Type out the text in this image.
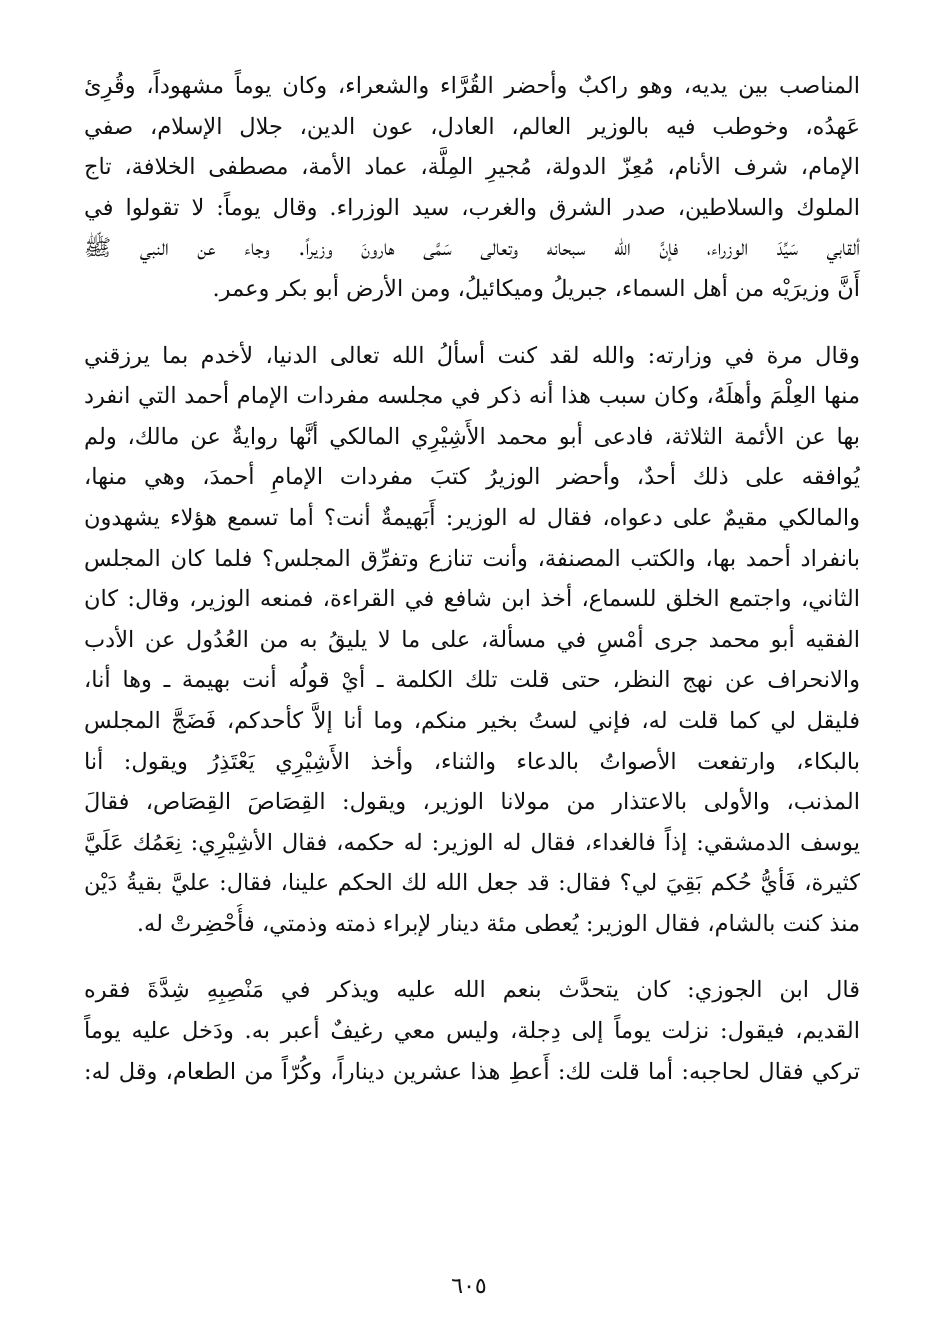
المناصب بين يديه، وهو راكبٌ وأحضر القُرَّاء والشعراء، وكان يوماً مشهوداً، وقُرِئ
عَهدُه، وخوطب فيه بالوزير العالم، العادل، عون الدين، جلال الإسلام، صفي
الإمام، شرف الأنام، مُعِزّ الدولة، مُجيرِ المِلَّة، عماد الأمة، مصطفى الخلافة، تاج
الملوك والسلاطين، صدر الشرق والغرب، سيد الوزراء. وقال يوماً: لا تقولوا في
ألقابي سَيِّدَ الوزراء، فإنَّ الله سبحانه وتعالى سَمَّى هارونَ وزيراً. وجاء عن النبي ﷺ
أَنَّ وزيرَيْه من أهل السماء، جبريلُ وميكائيلُ، ومن الأرض أبو بكر وعمر.
وقال مرة في وزارته: والله لقد كنت أسألُ الله تعالى الدنيا، لأخدم بما يرزقني
منها العِلْمَ وأهلَهُ، وكان سبب هذا أنه ذكر في مجلسه مفردات الإمام أحمد التي انفرد
بها عن الأئمة الثلاثة، فادعى أبو محمد الأَشِيْرِي المالكي أنَّها روايةٌ عن مالك، ولم
يُوافقه على ذلك أحدٌ، وأحضر الوزيرُ كتبَ مفردات الإمامِ أحمدَ، وهي منها،
والمالكي مقيمٌ على دعواه، فقال له الوزير: أَبَهيمةٌ أنت؟ أما تسمع هؤلاء يشهدون
بانفراد أحمد بها، والكتب المصنفة، وأنت تنازع وتفرِّق المجلس؟ فلما كان المجلس
الثاني، واجتمع الخلق للسماع، أخذ ابن شافع في القراءة، فمنعه الوزير، وقال: كان
الفقيه أبو محمد جرى أمْسِ في مسألة، على ما لا يليقُ به من العُدُول عن الأدب
والانحراف عن نهج النظر، حتى قلت تلك الكلمة ـ أيْ قولُه أنت بهيمة ـ وها أنا،
فليقل لي كما قلت له، فإني لستُ بخير منكم، وما أنا إلاَّ كأحدكم، فَضَجَّ المجلس
بالبكاء، وارتفعت الأصواتُ بالدعاء والثناء، وأخذ الأَشِيْرِي يَعْتَذِرُ ويقول: أنا
المذنب، والأولى بالاعتذار من مولانا الوزير، ويقول: القِصَاصَ القِصَاص، فقالَ
يوسف الدمشقي: إذاً فالغداء، فقال له الوزير: له حكمه، فقال الأشِيْرِي: نِعَمُك عَلَيَّ
كثيرة، فَأيُّ حُكم بَقِيَ لي؟ فقال: قد جعل الله لك الحكم علينا، فقال: عليَّ بقيةُ دَيْن
منذ كنت بالشام، فقال الوزير: يُعطى مئة دينار لإبراء ذمته وذمتي، فأُحْضِرتْ له.
قال ابن الجوزي: كان يتحدَّث بنعم الله عليه ويذكر في مَنْصِبِهِ شِدَّةَ فقره
القديم، فيقول: نزلت يوماً إلى دِجلة، وليس معي رغيفٌ أعبر به. ودَخل عليه يوماً
تركي فقال لحاجبه: أما قلت لك: أَعطِ هذا عشرين ديناراً، وكُرّاً من الطعام، وقل له:
٦٠٥
